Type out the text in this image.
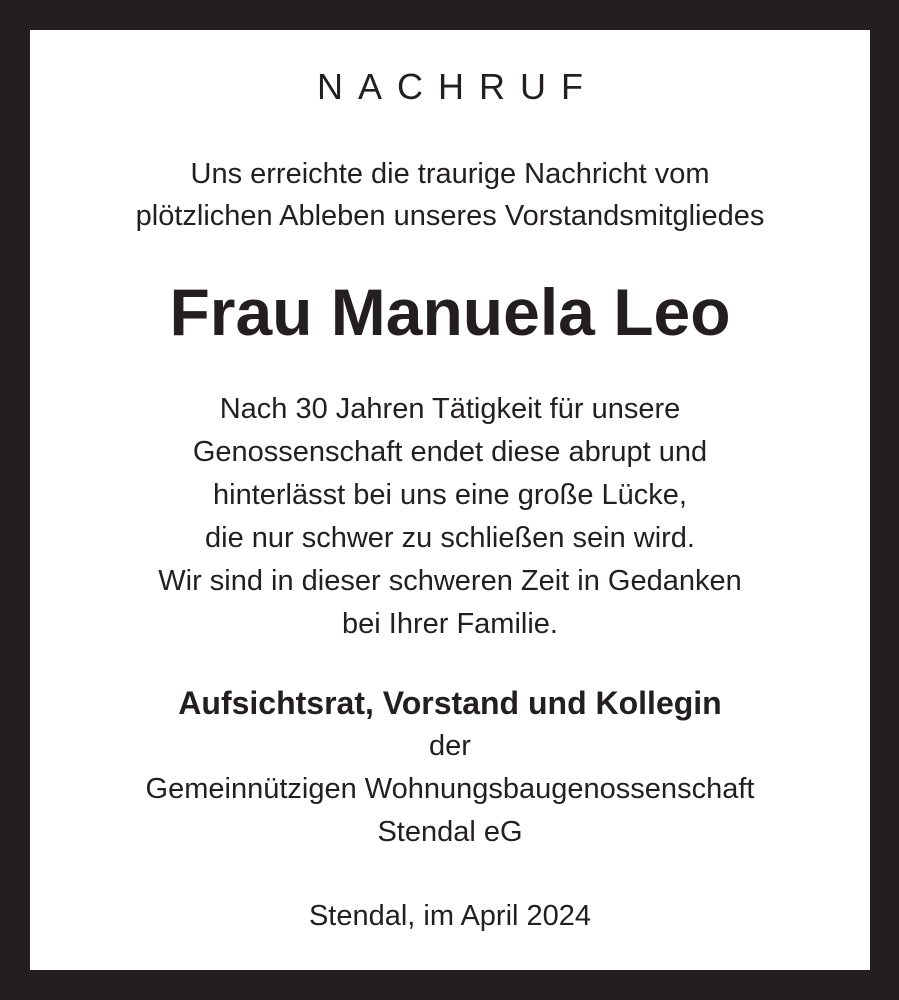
NACHRUF
Uns erreichte die traurige Nachricht vom
plötzlichen Ableben unseres Vorstandsmitgliedes
Frau Manuela Leo
Nach 30 Jahren Tätigkeit für unsere
Genossenschaft endet diese abrupt und
hinterlässt bei uns eine große Lücke,
die nur schwer zu schließen sein wird.
Wir sind in dieser schweren Zeit in Gedanken
bei Ihrer Familie.
Aufsichtsrat, Vorstand und Kollegin
der
Gemeinnützigen Wohnungsbaugenossenschaft
Stendal eG
Stendal, im April 2024
